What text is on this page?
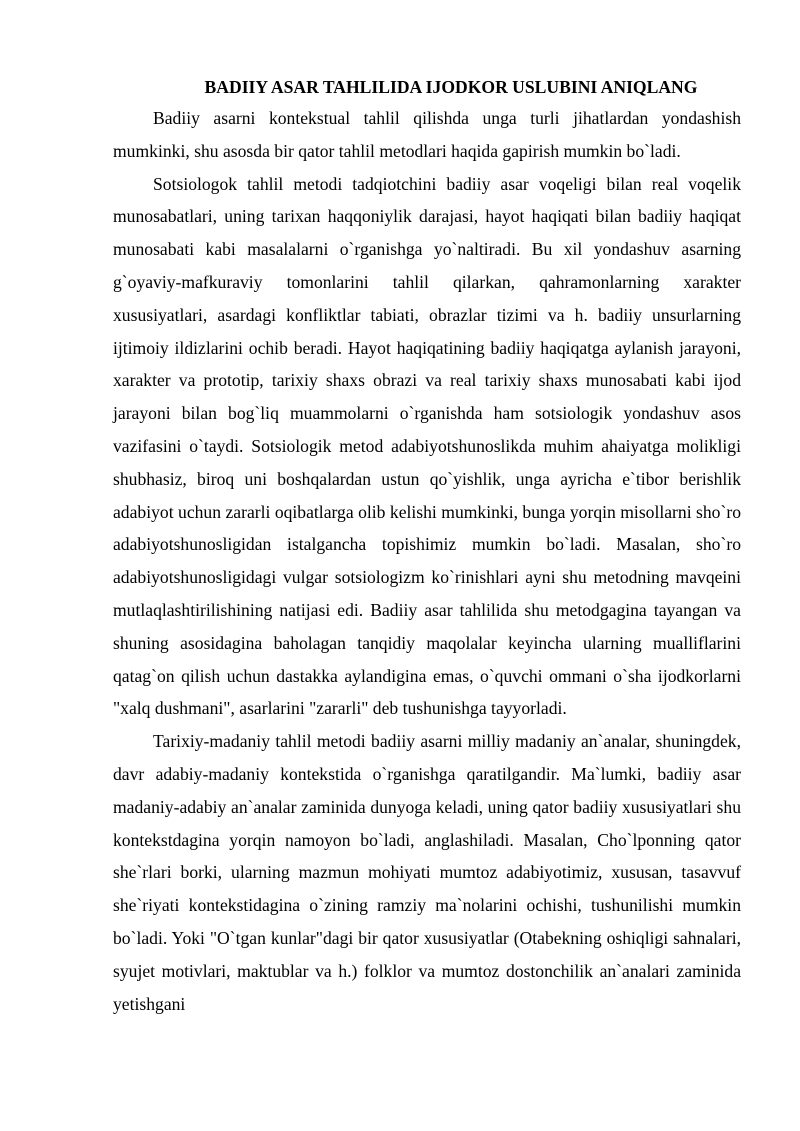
BADIIY ASAR TAHLILIDA IJODKOR USLUBINI ANIQLANG

Badiiy asarni kontekstual tahlil qilishda unga turli jihatlardan yondashish mumkinki, shu asosda bir qator tahlil metodlari haqida gapirish mumkin bo`ladi.

Sotsiologok tahlil metodi tadqiotchini badiiy asar voqeligi bilan real voqelik munosabatlari, uning tarixan haqqoniylik darajasi, hayot haqiqati bilan badiiy haqiqat munosabati kabi masalalarni o`rganishga yo`naltiradi. Bu xil yondashuv asarning g`oyaviy-mafkuraviy tomonlarini tahlil qilarkan, qahramonlarning xarakter xususiyatlari, asardagi konfliktlar tabiati, obrazlar tizimi va h. badiiy unsurlarning ijtimoiy ildizlarini ochib beradi. Hayot haqiqatining badiiy haqiqatga aylanish jarayoni, xarakter va prototip, tarixiy shaxs obrazi va real tarixiy shaxs munosabati kabi ijod jarayoni bilan bog`liq muammolarni o`rganishda ham sotsiologik yondashuv asos vazifasini o`taydi. Sotsiologik metod adabiyotshunoslikda muhim ahaiyatga molikligi shubhasiz, biroq uni boshqalardan ustun qo`yishlik, unga ayricha e`tibor berishlik adabiyot uchun zararli oqibatlarga olib kelishi mumkinki, bunga yorqin misollarni sho`ro adabiyotshunosligidan istalgancha topishimiz mumkin bo`ladi. Masalan, sho`ro adabiyotshunosligidagi vulgar sotsiologizm ko`rinishlari ayni shu metodning mavqeini mutlaqlashtirilishining natijasi edi. Badiiy asar tahlilida shu metodgagina tayangan va shuning asosidagina baholagan tanqidiy maqolalar keyincha ularning mualliflarini qatag`on qilish uchun dastakka aylandigina emas, o`quvchi ommani o`sha ijodkorlarni "xalq dushmani", asarlarini "zararli" deb tushunishga tayyorladi.

Tarixiy-madaniy tahlil metodi badiiy asarni milliy madaniy an`analar, shuningdek, davr adabiy-madaniy kontekstida o`rganishga qaratilgandir. Ma`lumki, badiiy asar madaniy-adabiy an`analar zaminida dunyoga keladi, uning qator badiiy xususiyatlari shu kontekstdagina yorqin namoyon bo`ladi, anglashiladi. Masalan, Cho`lponning qator she`rlari borki, ularning mazmun mohiyati mumtoz adabiyotimiz, xususan, tasavvuf she`riyati kontekstidagina o`zining ramziy ma`nolarini ochishi, tushunilishi mumkin bo`ladi. Yoki "O`tgan kunlar"dagi bir qator xususiyatlar (Otabekning oshiqligi sahnalari, syujet motivlari, maktublar va h.) folklor va mumtoz dostonchilik an`analari zaminida yetishgani
